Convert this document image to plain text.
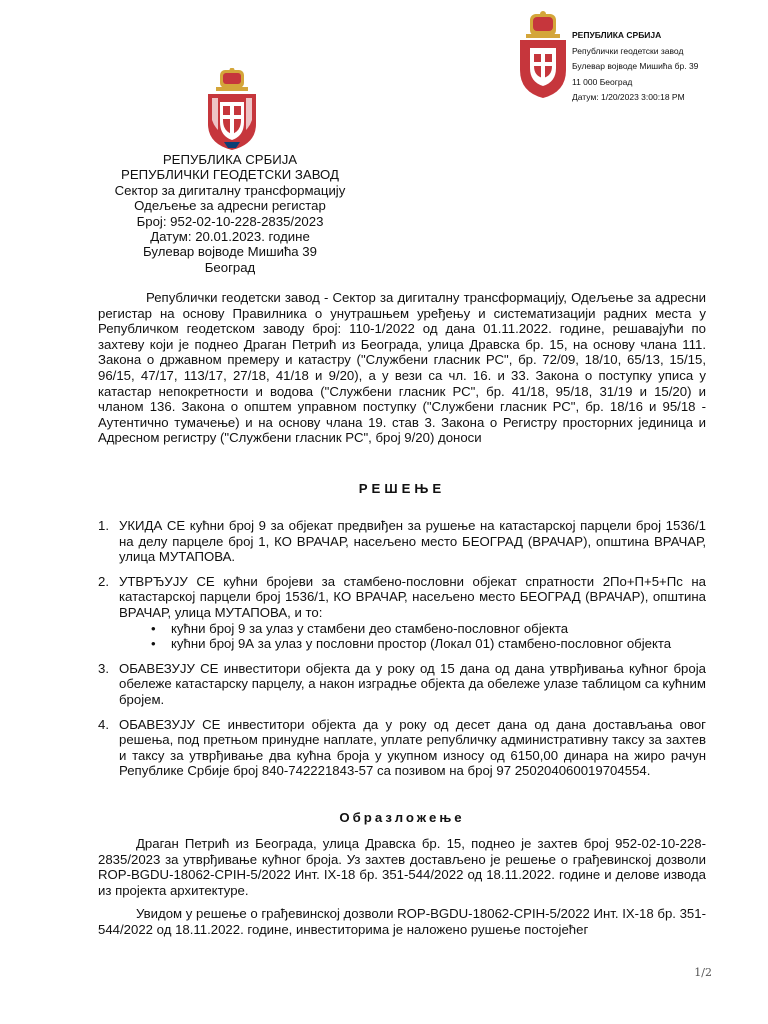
РЕПУБЛИКА СРБИЈА
Републички геодетски завод
Булевар војводе Мишића бр. 39
11 000 Београд
Датум: 1/20/2023 3:00:18 PM
РЕПУБЛИКА СРБИЈА
РЕПУБЛИЧКИ ГЕОДЕТСКИ ЗАВОД
Сектор за дигиталну трансформацију
Одељење за адресни регистар
Број: 952-02-10-228-2835/2023
Датум: 20.01.2023. године
Булевар војводе Мишића 39
Београд
Републички геодетски завод - Сектор за дигиталну трансформацију, Одељење за адресни регистар на основу Правилника о унутрашњем уређењу и систематизацији радних места у Републичком геодетском заводу број: 110-1/2022 од дана 01.11.2022. године, решавајући по захтеву који је поднео Драган Петрић из Београда, улица Дравска бр. 15, на основу члана 111. Закона о државном премеру и катастру ("Службени гласник РС", бр. 72/09, 18/10, 65/13, 15/15, 96/15, 47/17, 113/17, 27/18, 41/18 и 9/20), а у вези са чл. 16. и 33. Закона о поступку уписа у катастар непокретности и водова ("Службени гласник РС", бр. 41/18, 95/18, 31/19 и 15/20) и чланом 136. Закона о општем управном поступку ("Службени гласник РС", бр. 18/16 и 95/18 - Аутентично тумачење) и на основу члана 19. став 3. Закона о Регистру просторних јединица и Адресном регистру ("Службени гласник РС", број 9/20) доноси
РЕШЕЊЕ
1. УКИДА СЕ кућни број 9 за објекат предвиђен за рушење на катастарској парцели број 1536/1 на делу парцеле број 1, КО ВРАЧАР, насељено место БЕОГРАД (ВРАЧАР), општина ВРАЧАР, улица МУТАПОВА.
2. УТВРЂУЈУ СЕ кућни бројеви за стамбено-пословни објекат спратности 2По+П+5+Пс на катастарској парцели број 1536/1, КО ВРАЧАР, насељено место БЕОГРАД (ВРАЧАР), општина ВРАЧАР, улица МУТАПОВА, и то:
• кућни број 9 за улаз у стамбени део стамбено-пословног објекта
• кућни број 9А за улаз у пословни простор (Локал 01) стамбено-пословног објекта
3. ОБАВЕЗУЈУ СЕ инвеститори објекта да у року од 15 дана од дана утврђивања кућног броја обележе катастарску парцелу, а након изградње објекта да обележе улазе таблицом са кућним бројем.
4. ОБАВЕЗУЈУ СЕ инвеститори објекта да у року од десет дана од дана достављања овог решења, под претњом принудне наплате, уплате републичку административну таксу за захтев и таксу за утврђивање два кућна броја у укупном износу од 6150,00 динара на жиро рачун Републике Србије број 840-742221843-57 са позивом на број 97 250204060019704554.
Образложење
Драган Петрић из Београда, улица Дравска бр. 15, поднео је захтев број 952-02-10-228-2835/2023 за утврђивање кућног броја. Уз захтев достављено је решење о грађевинској дозволи ROP-BGDU-18062-CPIH-5/2022 Инт. IX-18 бр. 351-544/2022 од 18.11.2022. године и делове извода из пројекта архитектуре.
Увидом у решење о грађевинској дозволи ROP-BGDU-18062-CPIH-5/2022 Инт. IX-18 бр. 351-544/2022 од 18.11.2022. године, инвеститорима је наложено рушење постојећег
1/2
